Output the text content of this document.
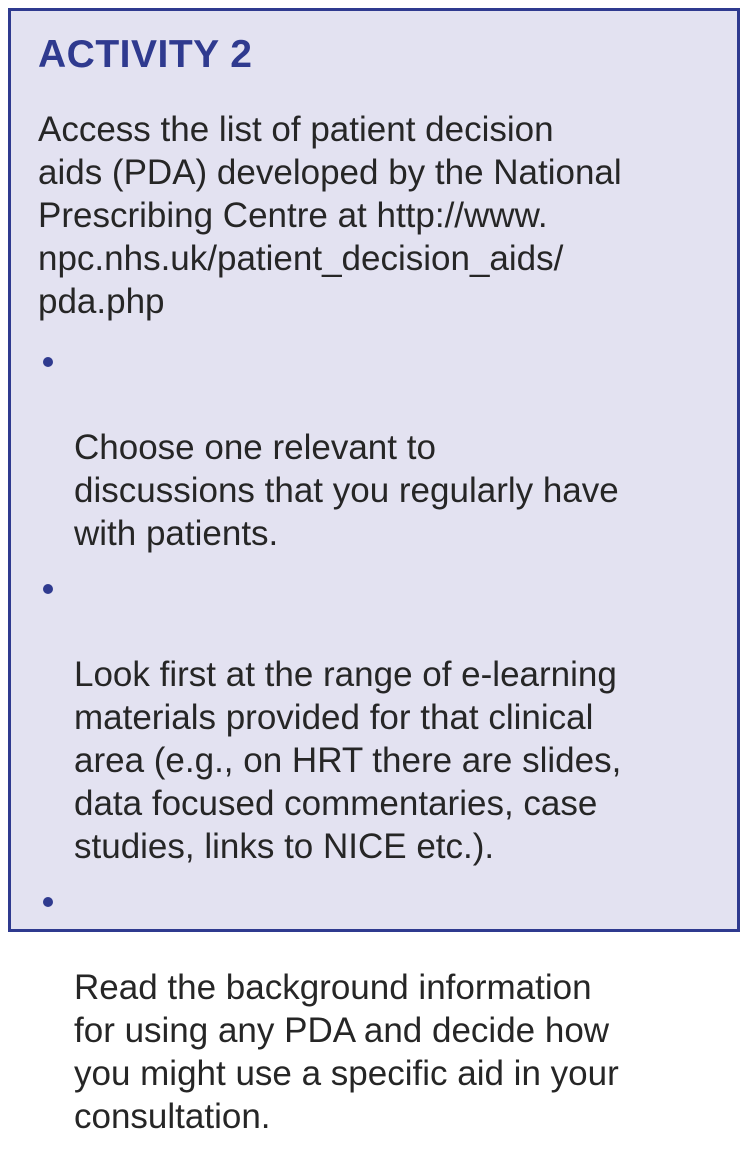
ACTIVITY 2

Access the list of patient decision
aids (PDA) developed by the National
Prescribing Centre at http://www.
npc.nhs.uk/patient_decision_aids/
pda.php

Choose one relevant to
discussions that you regularly have
with patients.

Look first at the range of e-learning
materials provided for that clinical
area (e.g., on HRT there are slides,
data focused commentaries, case
studies, links to NICE etc.).

Read the background information
for using any PDA and decide how
you might use a specific aid in your
consultation.
